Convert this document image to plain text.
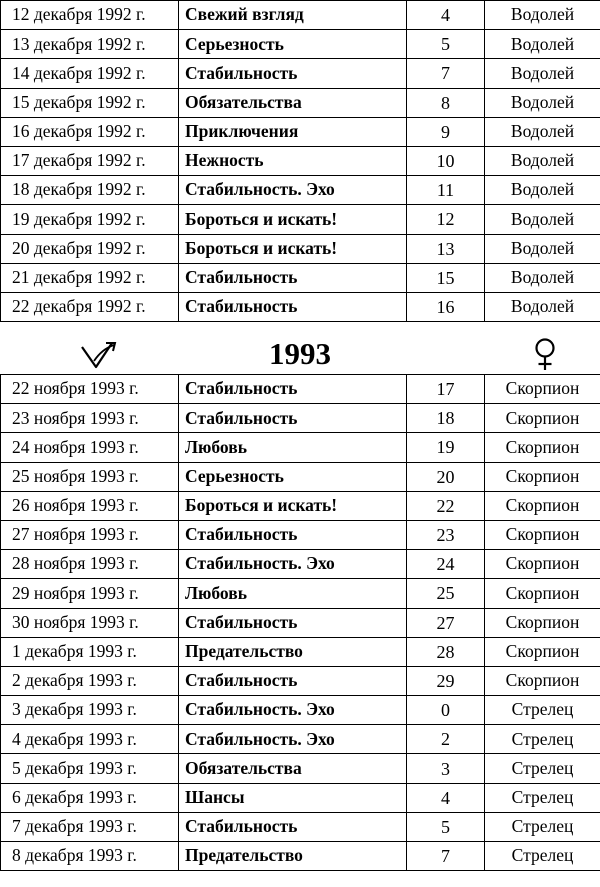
12 декабря 1992 г.	Свежий взгляд	4	Водолей
13 декабря 1992 г.	Серьезность	5	Водолей
14 декабря 1992 г.	Стабильность	7	Водолей
15 декабря 1992 г.	Обязательства	8	Водолей
16 декабря 1992 г.	Приключения	9	Водолей
17 декабря 1992 г.	Нежность	10	Водолей
18 декабря 1992 г.	Стабильность. Эхо	11	Водолей
19 декабря 1992 г.	Бороться и искать!	12	Водолей
20 декабря 1992 г.	Бороться и искать!	13	Водолей
21 декабря 1992 г.	Стабильность	15	Водолей
22 декабря 1992 г.	Стабильность	16	Водолей
1993
22 ноября 1993 г.	Стабильность	17	Скорпион
23 ноября 1993 г.	Стабильность	18	Скорпион
24 ноября 1993 г.	Любовь	19	Скорпион
25 ноября 1993 г.	Серьезность	20	Скорпион
26 ноября 1993 г.	Бороться и искать!	22	Скорпион
27 ноября 1993 г.	Стабильность	23	Скорпион
28 ноября 1993 г.	Стабильность. Эхо	24	Скорпион
29 ноября 1993 г.	Любовь	25	Скорпион
30 ноября 1993 г.	Стабильность	27	Скорпион
1 декабря 1993 г.	Предательство	28	Скорпион
2 декабря 1993 г.	Стабильность	29	Скорпион
3 декабря 1993 г.	Стабильность. Эхо	0	Стрелец
4 декабря 1993 г.	Стабильность. Эхо	2	Стрелец
5 декабря 1993 г.	Обязательства	3	Стрелец
6 декабря 1993 г.	Шансы	4	Стрелец
7 декабря 1993 г.	Стабильность	5	Стрелец
8 декабря 1993 г.	Предательство	7	Стрелец
